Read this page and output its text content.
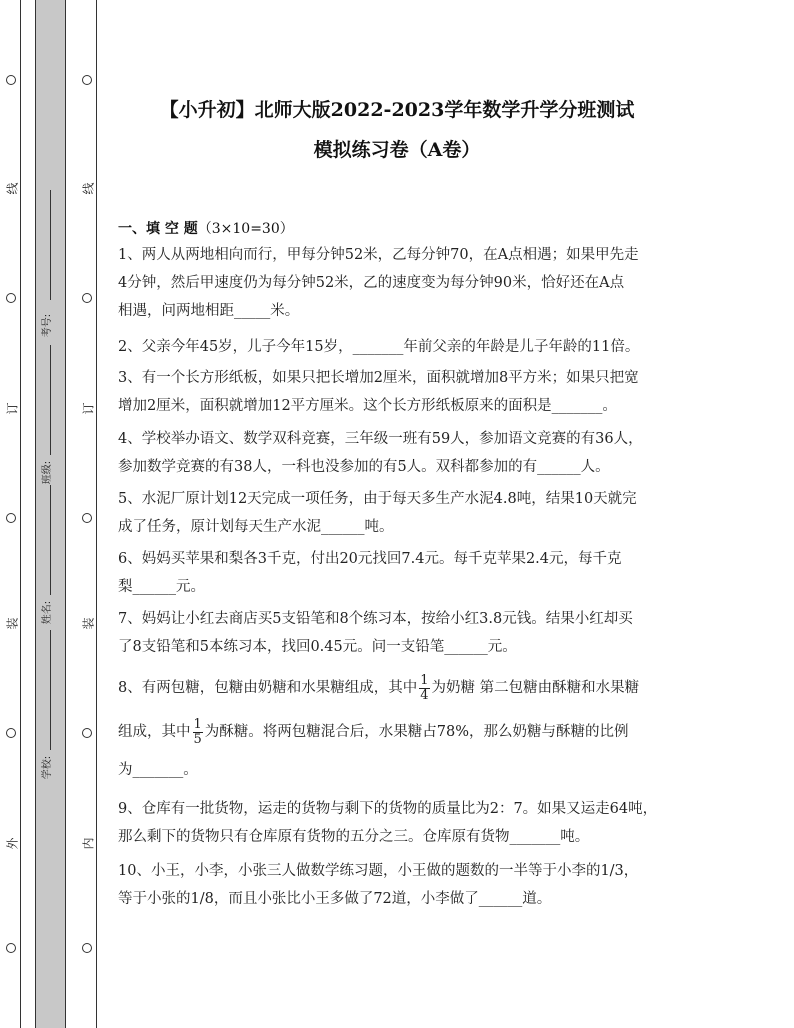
线
订
装
外
线
订
装
内
考号:
班级:
姓名:
学校:
【小升初】北师大版2022-2023学年数学升学分班测试
模拟练习卷（A卷）
一、填 空 题（3×10=30）
1、两人从两地相向而行，甲每分钟52米，乙每分钟70，在A点相遇；如果甲先走
4分钟，然后甲速度仍为每分钟52米，乙的速度变为每分钟90米，恰好还在A点
相遇，问两地相距_____米。
2、父亲今年45岁，儿子今年15岁，_______年前父亲的年龄是儿子年龄的11倍。
3、有一个长方形纸板，如果只把长增加2厘米，面积就增加8平方米；如果只把宽
增加2厘米，面积就增加12平方厘米。这个长方形纸板原来的面积是_______。
4、学校举办语文、数学双科竞赛，三年级一班有59人，参加语文竞赛的有36人，
参加数学竞赛的有38人，一科也没参加的有5人。双科都参加的有______人。
5、水泥厂原计划12天完成一项任务，由于每天多生产水泥4.8吨，结果10天就完
成了任务，原计划每天生产水泥______吨。
6、妈妈买苹果和梨各3千克，付出20元找回7.4元。每千克苹果2.4元，每千克
梨______元。
7、妈妈让小红去商店买5支铅笔和8个练习本，按给小红3.8元钱。结果小红却买
了8支铅笔和5本练习本，找回0.45元。问一支铅笔______元。
8、有两包糖，包糖由奶糖和水果糖组成，其中 $\frac{1}{4}$ 为奶糖 第二包糖由酥糖和水果糖
组成，其中 $\frac{1}{5}$ 为酥糖。将两包糖混合后，水果糖占78%，那么奶糖与酥糖的比例
为_______。
9、仓库有一批货物，运走的货物与剩下的货物的质量比为2：7。如果又运走64吨，
那么剩下的货物只有仓库原有货物的五分之三。仓库原有货物_______吨。
10、小王，小李，小张三人做数学练习题，小王做的题数的一半等于小李的1/3，
等于小张的1/8，而且小张比小王多做了72道，小李做了______道。
